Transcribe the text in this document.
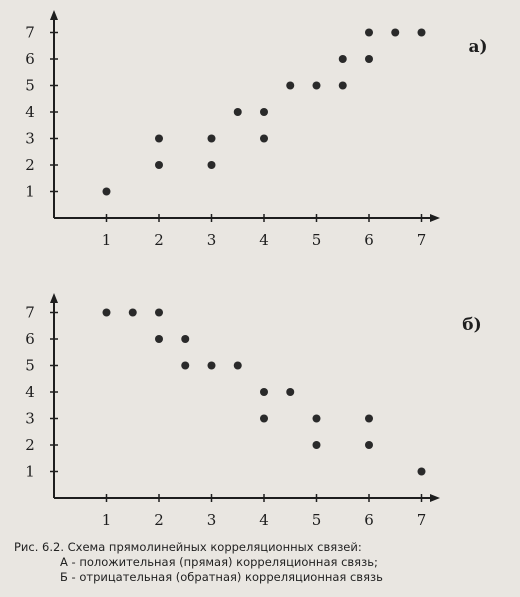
1
2
3
4
5
6
7
1	2	3	4	5	6	7
а)
1
2
3
4
5
6
7
1	2	3	4	5	6	7
б)
Рис. 6.2. Схема прямолинейных корреляционных связей:
А - положительная (прямая) корреляционная связь;
Б - отрицательная (обратная) корреляционная связь
